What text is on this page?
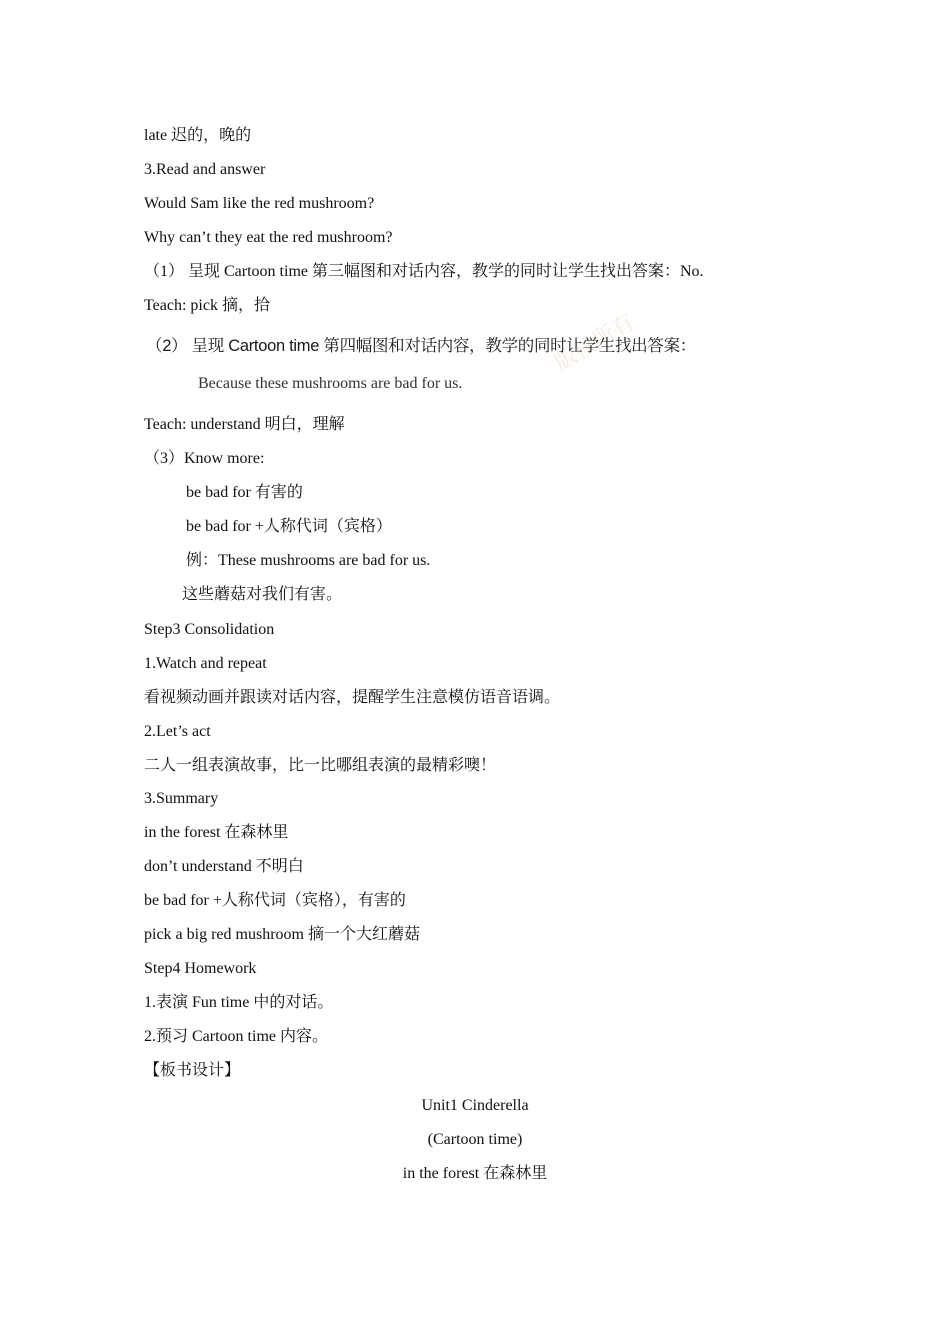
版权所有
late 迟的，晚的
3.Read and answer
Would Sam like the red mushroom?
Why can’t they eat the red mushroom?
（1） 呈现 Cartoon time 第三幅图和对话内容，教学的同时让学生找出答案：No.
Teach: pick 摘，拾
（2） 呈现 Cartoon time 第四幅图和对话内容，教学的同时让学生找出答案：
Because these mushrooms are bad for us.
Teach: understand 明白，理解
（3）Know more:
be bad for 有害的
be bad for +人称代词（宾格）
例：These mushrooms are bad for us.
这些蘑菇对我们有害。
Step3 Consolidation
1.Watch and repeat
看视频动画并跟读对话内容，提醒学生注意模仿语音语调。
2.Let’s act
二人一组表演故事，比一比哪组表演的最精彩噢！
3.Summary
in the forest 在森林里
don’t understand 不明白
be bad for +人称代词（宾格），有害的
pick a big red mushroom 摘一个大红蘑菇
Step4 Homework
1.表演 Fun time 中的对话。
2.预习 Cartoon time 内容。
【板书设计】
Unit1 Cinderella
(Cartoon time)
in the forest 在森林里
